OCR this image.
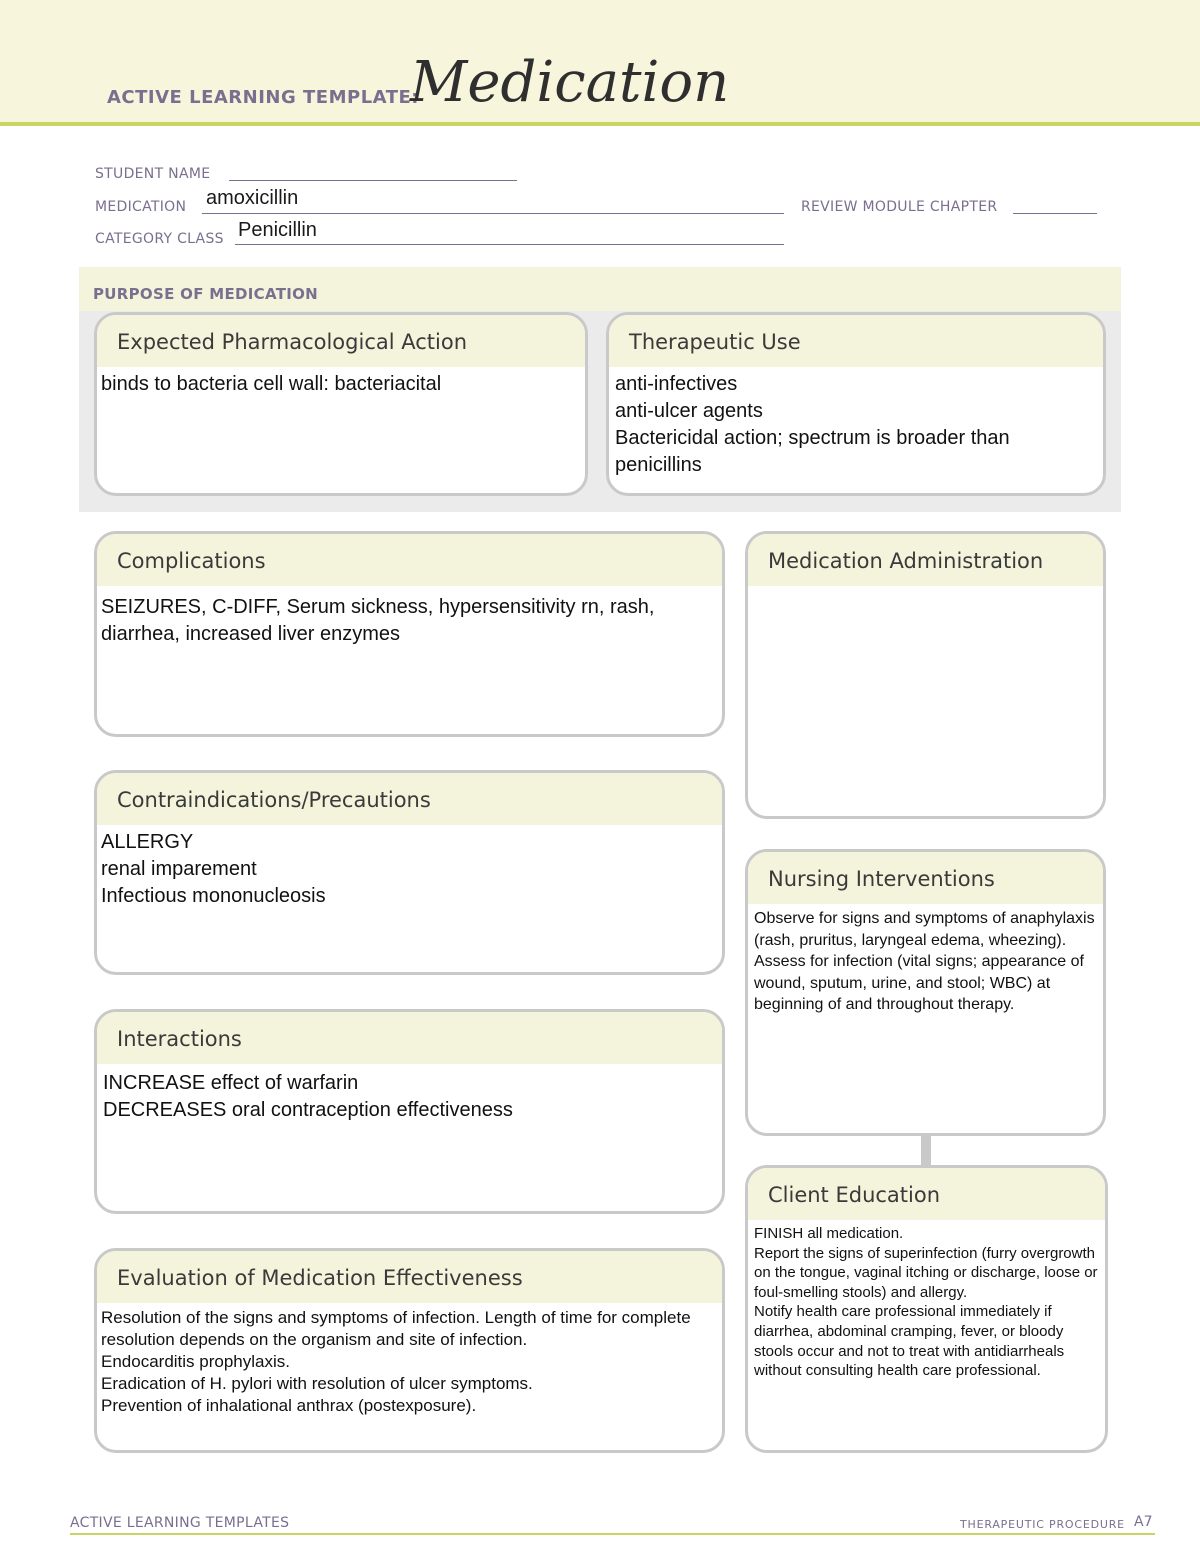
ACTIVE LEARNING TEMPLATE:
Medication
STUDENT NAME
MEDICATION amoxicillin	REVIEW MODULE CHAPTER
CATEGORY CLASS Penicillin
PURPOSE OF MEDICATION
Expected Pharmacological Action
binds to bacteria cell wall: bacteriacital
Therapeutic Use
anti-infectives
anti-ulcer agents
Bactericidal action; spectrum is broader than penicillins
Complications
SEIZURES, C-DIFF, Serum sickness, hypersensitivity rn, rash, diarrhea, increased liver enzymes
Contraindications/Precautions
ALLERGY
renal imparement
Infectious mononucleosis
Interactions
INCREASE effect of warfarin
DECREASES oral contraception effectiveness
Evaluation of Medication Effectiveness
Resolution of the signs and symptoms of infection. Length of time for complete resolution depends on the organism and site of infection.
Endocarditis prophylaxis.
Eradication of H. pylori with resolution of ulcer symptoms.
Prevention of inhalational anthrax (postexposure).
Medication Administration
Nursing Interventions
Observe for signs and symptoms of anaphylaxis (rash, pruritus, laryngeal edema, wheezing).
Assess for infection (vital signs; appearance of wound, sputum, urine, and stool; WBC) at beginning of and throughout therapy.
Client Education
FINISH all medication.
Report the signs of superinfection (furry overgrowth on the tongue, vaginal itching or discharge, loose or foul-smelling stools) and allergy.
Notify health care professional immediately if diarrhea, abdominal cramping, fever, or bloody stools occur and not to treat with antidiarrheals without consulting health care professional.
ACTIVE LEARNING TEMPLATES	THERAPEUTIC PROCEDURE A7
